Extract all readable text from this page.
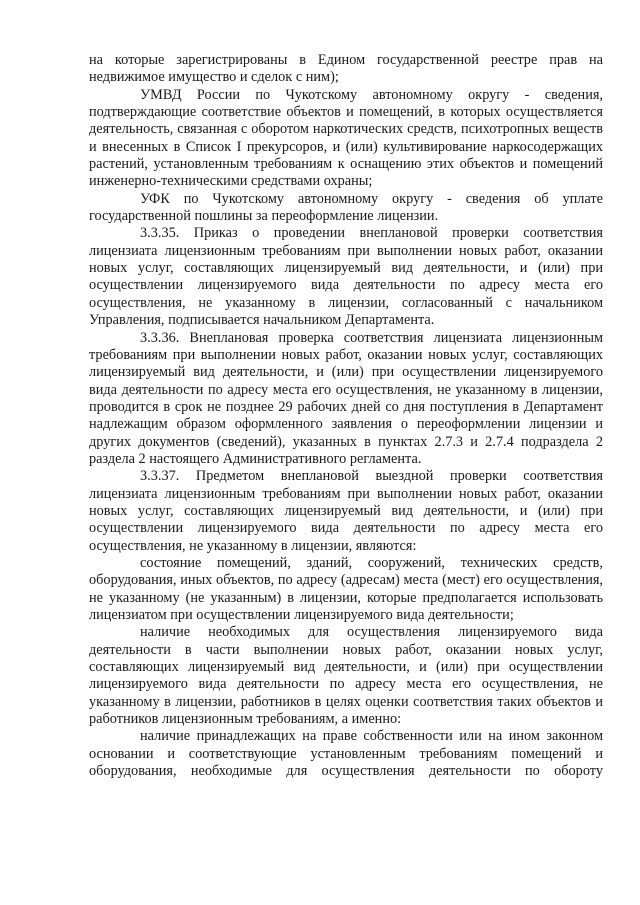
на которые зарегистрированы в Едином государственной реестре прав на недвижимое имущество и сделок с ним);

УМВД России по Чукотскому автономному округу - сведения, подтверждающие соответствие объектов и помещений, в которых осуществляется деятельность, связанная с оборотом наркотических средств, психотропных веществ и внесенных в Список I прекурсоров, и (или) культивирование наркосодержащих растений, установленным требованиям к оснащению этих объектов и помещений инженерно-техническими средствами охраны;

УФК по Чукотскому автономному округу - сведения об уплате государственной пошлины за переоформление лицензии.

3.3.35. Приказ о проведении внеплановой проверки соответствия лицензиата лицензионным требованиям при выполнении новых работ, оказании новых услуг, составляющих лицензируемый вид деятельности, и (или) при осуществлении лицензируемого вида деятельности по адресу места его осуществления, не указанному в лицензии, согласованный с начальником Управления, подписывается начальником Департамента.

3.3.36. Внеплановая проверка соответствия лицензиата лицензионным требованиям при выполнении новых работ, оказании новых услуг, составляющих лицензируемый вид деятельности, и (или) при осуществлении лицензируемого вида деятельности по адресу места его осуществления, не указанному в лицензии, проводится в срок не позднее 29 рабочих дней со дня поступления в Департамент надлежащим образом оформленного заявления о переоформлении лицензии и других документов (сведений), указанных в пунктах 2.7.3 и 2.7.4 подраздела 2 раздела 2 настоящего Административного регламента.

3.3.37. Предметом внеплановой выездной проверки соответствия лицензиата лицензионным требованиям при выполнении новых работ, оказании новых услуг, составляющих лицензируемый вид деятельности, и (или) при осуществлении лицензируемого вида деятельности по адресу места его осуществления, не указанному в лицензии, являются:

состояние помещений, зданий, сооружений, технических средств, оборудования, иных объектов, по адресу (адресам) места (мест) его осуществления, не указанному (не указанным) в лицензии, которые предполагается использовать лицензиатом при осуществлении лицензируемого вида деятельности;

наличие необходимых для осуществления лицензируемого вида деятельности в части выполнении новых работ, оказании новых услуг, составляющих лицензируемый вид деятельности, и (или) при осуществлении лицензируемого вида деятельности по адресу места его осуществления, не указанному в лицензии, работников в целях оценки соответствия таких объектов и работников лицензионным требованиям, а именно:

наличие принадлежащих на праве собственности или на ином законном основании и соответствующие установленным требованиям помещений и оборудования, необходимые для осуществления деятельности по обороту
